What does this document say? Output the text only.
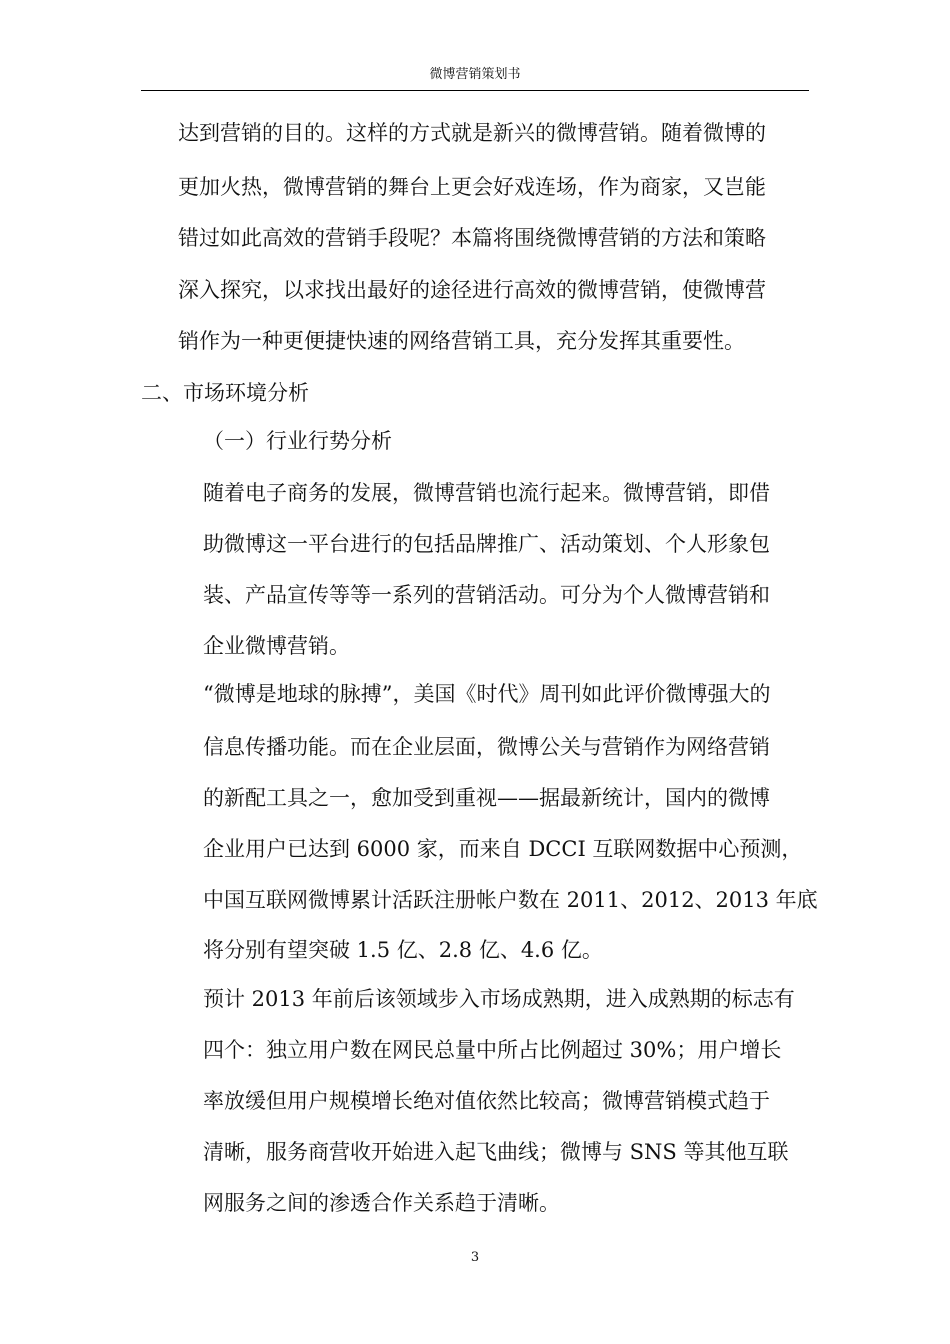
微博营销策划书
达到营销的目的。这样的方式就是新兴的微博营销。随着微博的
更加火热，微博营销的舞台上更会好戏连场，作为商家，又岂能
错过如此高效的营销手段呢？本篇将围绕微博营销的方法和策略
深入探究，以求找出最好的途径进行高效的微博营销，使微博营
销作为一种更便捷快速的网络营销工具，充分发挥其重要性。
二、市场环境分析
（一）行业行势分析
随着电子商务的发展，微博营销也流行起来。微博营销，即借
助微博这一平台进行的包括品牌推广、活动策划、个人形象包
装、产品宣传等等一系列的营销活动。可分为个人微博营销和
企业微博营销。
“微博是地球的脉搏”，美国《时代》周刊如此评价微博强大的
信息传播功能。而在企业层面，微博公关与营销作为网络营销
的新配工具之一，愈加受到重视——据最新统计，国内的微博
企业用户已达到 6000 家，而来自 DCCI 互联网数据中心预测，
中国互联网微博累计活跃注册帐户数在 2011、2012、2013 年底
将分别有望突破 1.5 亿、2.8 亿、4.6 亿。
预计 2013 年前后该领域步入市场成熟期，进入成熟期的标志有
四个：独立用户数在网民总量中所占比例超过 30%；用户增长
率放缓但用户规模增长绝对值依然比较高；微博营销模式趋于
清晰，服务商营收开始进入起飞曲线；微博与 SNS 等其他互联
网服务之间的渗透合作关系趋于清晰。
3
